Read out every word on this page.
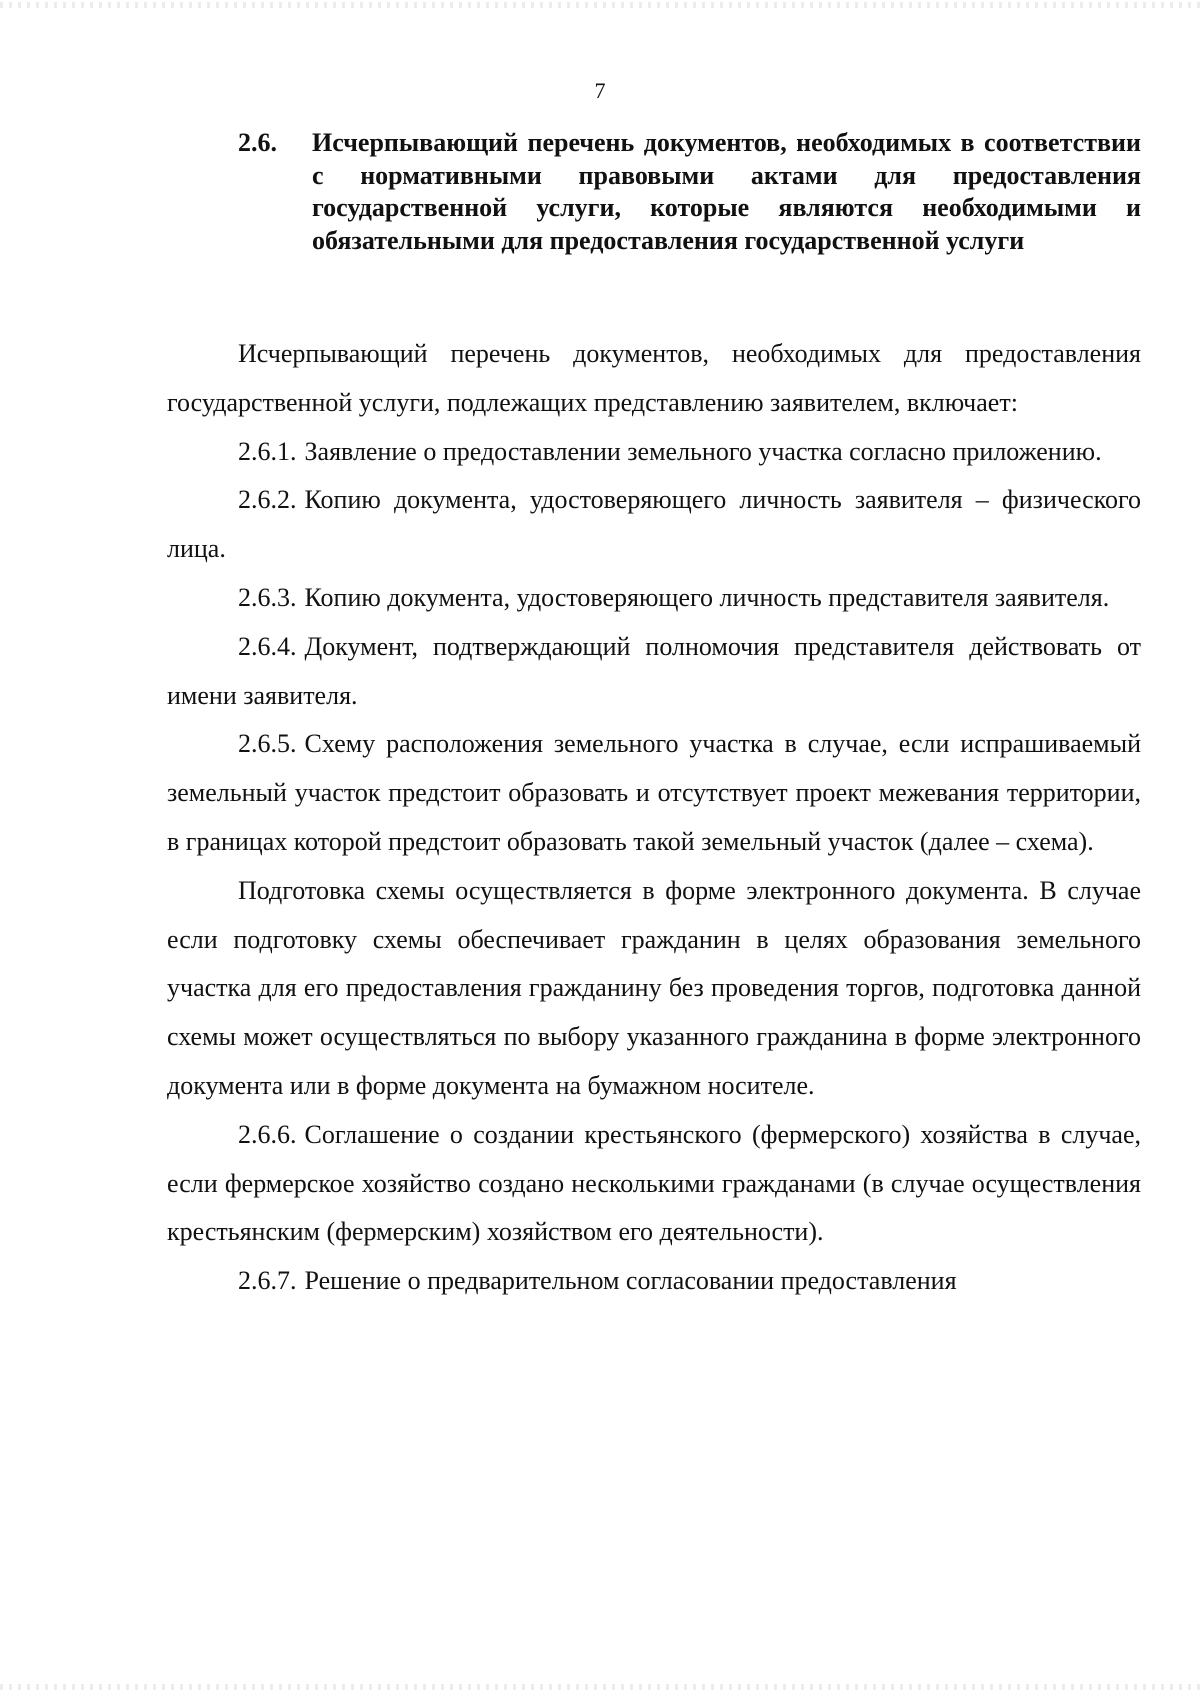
7
2.6. Исчерпывающий перечень документов, необходимых в соответствии с нормативными правовыми актами для предоставления государственной услуги, которые являются необходимыми и обязательными для предоставления государственной услуги

Исчерпывающий перечень документов, необходимых для предоставления государственной услуги, подлежащих представлению заявителем, включает:

2.6.1. Заявление о предоставлении земельного участка согласно приложению.

2.6.2. Копию документа, удостоверяющего личность заявителя – физического лица.

2.6.3. Копию документа, удостоверяющего личность представителя заявителя.

2.6.4. Документ, подтверждающий полномочия представителя действовать от имени заявителя.

2.6.5. Схему расположения земельного участка в случае, если испрашиваемый земельный участок предстоит образовать и отсутствует проект межевания территории, в границах которой предстоит образовать такой земельный участок (далее – схема).

Подготовка схемы осуществляется в форме электронного документа. В случае если подготовку схемы обеспечивает гражданин в целях образования земельного участка для его предоставления гражданину без проведения торгов, подготовка данной схемы может осуществляться по выбору указанного гражданина в форме электронного документа или в форме документа на бумажном носителе.

2.6.6. Соглашение о создании крестьянского (фермерского) хозяйства в случае, если фермерское хозяйство создано несколькими гражданами (в случае осуществления крестьянским (фермерским) хозяйством его деятельности).

2.6.7. Решение о предварительном согласовании предоставления
